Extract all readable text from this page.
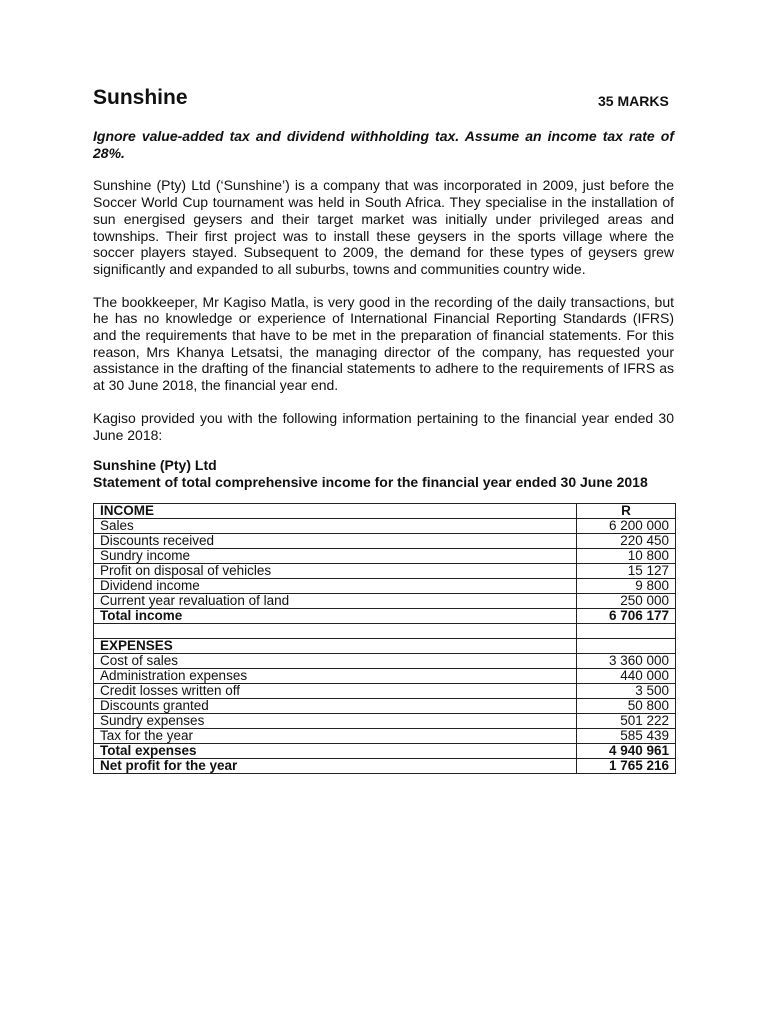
Sunshine	35 MARKS

Ignore value-added tax and dividend withholding tax. Assume an income tax rate of 28%.

Sunshine (Pty) Ltd (‘Sunshine’) is a company that was incorporated in 2009, just before the Soccer World Cup tournament was held in South Africa. They specialise in the installation of sun energised geysers and their target market was initially under privileged areas and townships. Their first project was to install these geysers in the sports village where the soccer players stayed. Subsequent to 2009, the demand for these types of geysers grew significantly and expanded to all suburbs, towns and communities country wide.

The bookkeeper, Mr Kagiso Matla, is very good in the recording of the daily transactions, but he has no knowledge or experience of International Financial Reporting Standards (IFRS) and the requirements that have to be met in the preparation of financial statements. For this reason, Mrs Khanya Letsatsi, the managing director of the company, has requested your assistance in the drafting of the financial statements to adhere to the requirements of IFRS as at 30 June 2018, the financial year end.

Kagiso provided you with the following information pertaining to the financial year ended 30 June 2018:

Sunshine (Pty) Ltd
Statement of total comprehensive income for the financial year ended 30 June 2018
INCOME	R
Sales	6 200 000
Discounts received	220 450
Sundry income	10 800
Profit on disposal of vehicles	15 127
Dividend income	9 800
Current year revaluation of land	250 000
Total income	6 706 177

EXPENSES	
Cost of sales	3 360 000
Administration expenses	440 000
Credit losses written off	3 500
Discounts granted	50 800
Sundry expenses	501 222
Tax for the year	585 439
Total expenses	4 940 961
Net profit for the year	1 765 216
